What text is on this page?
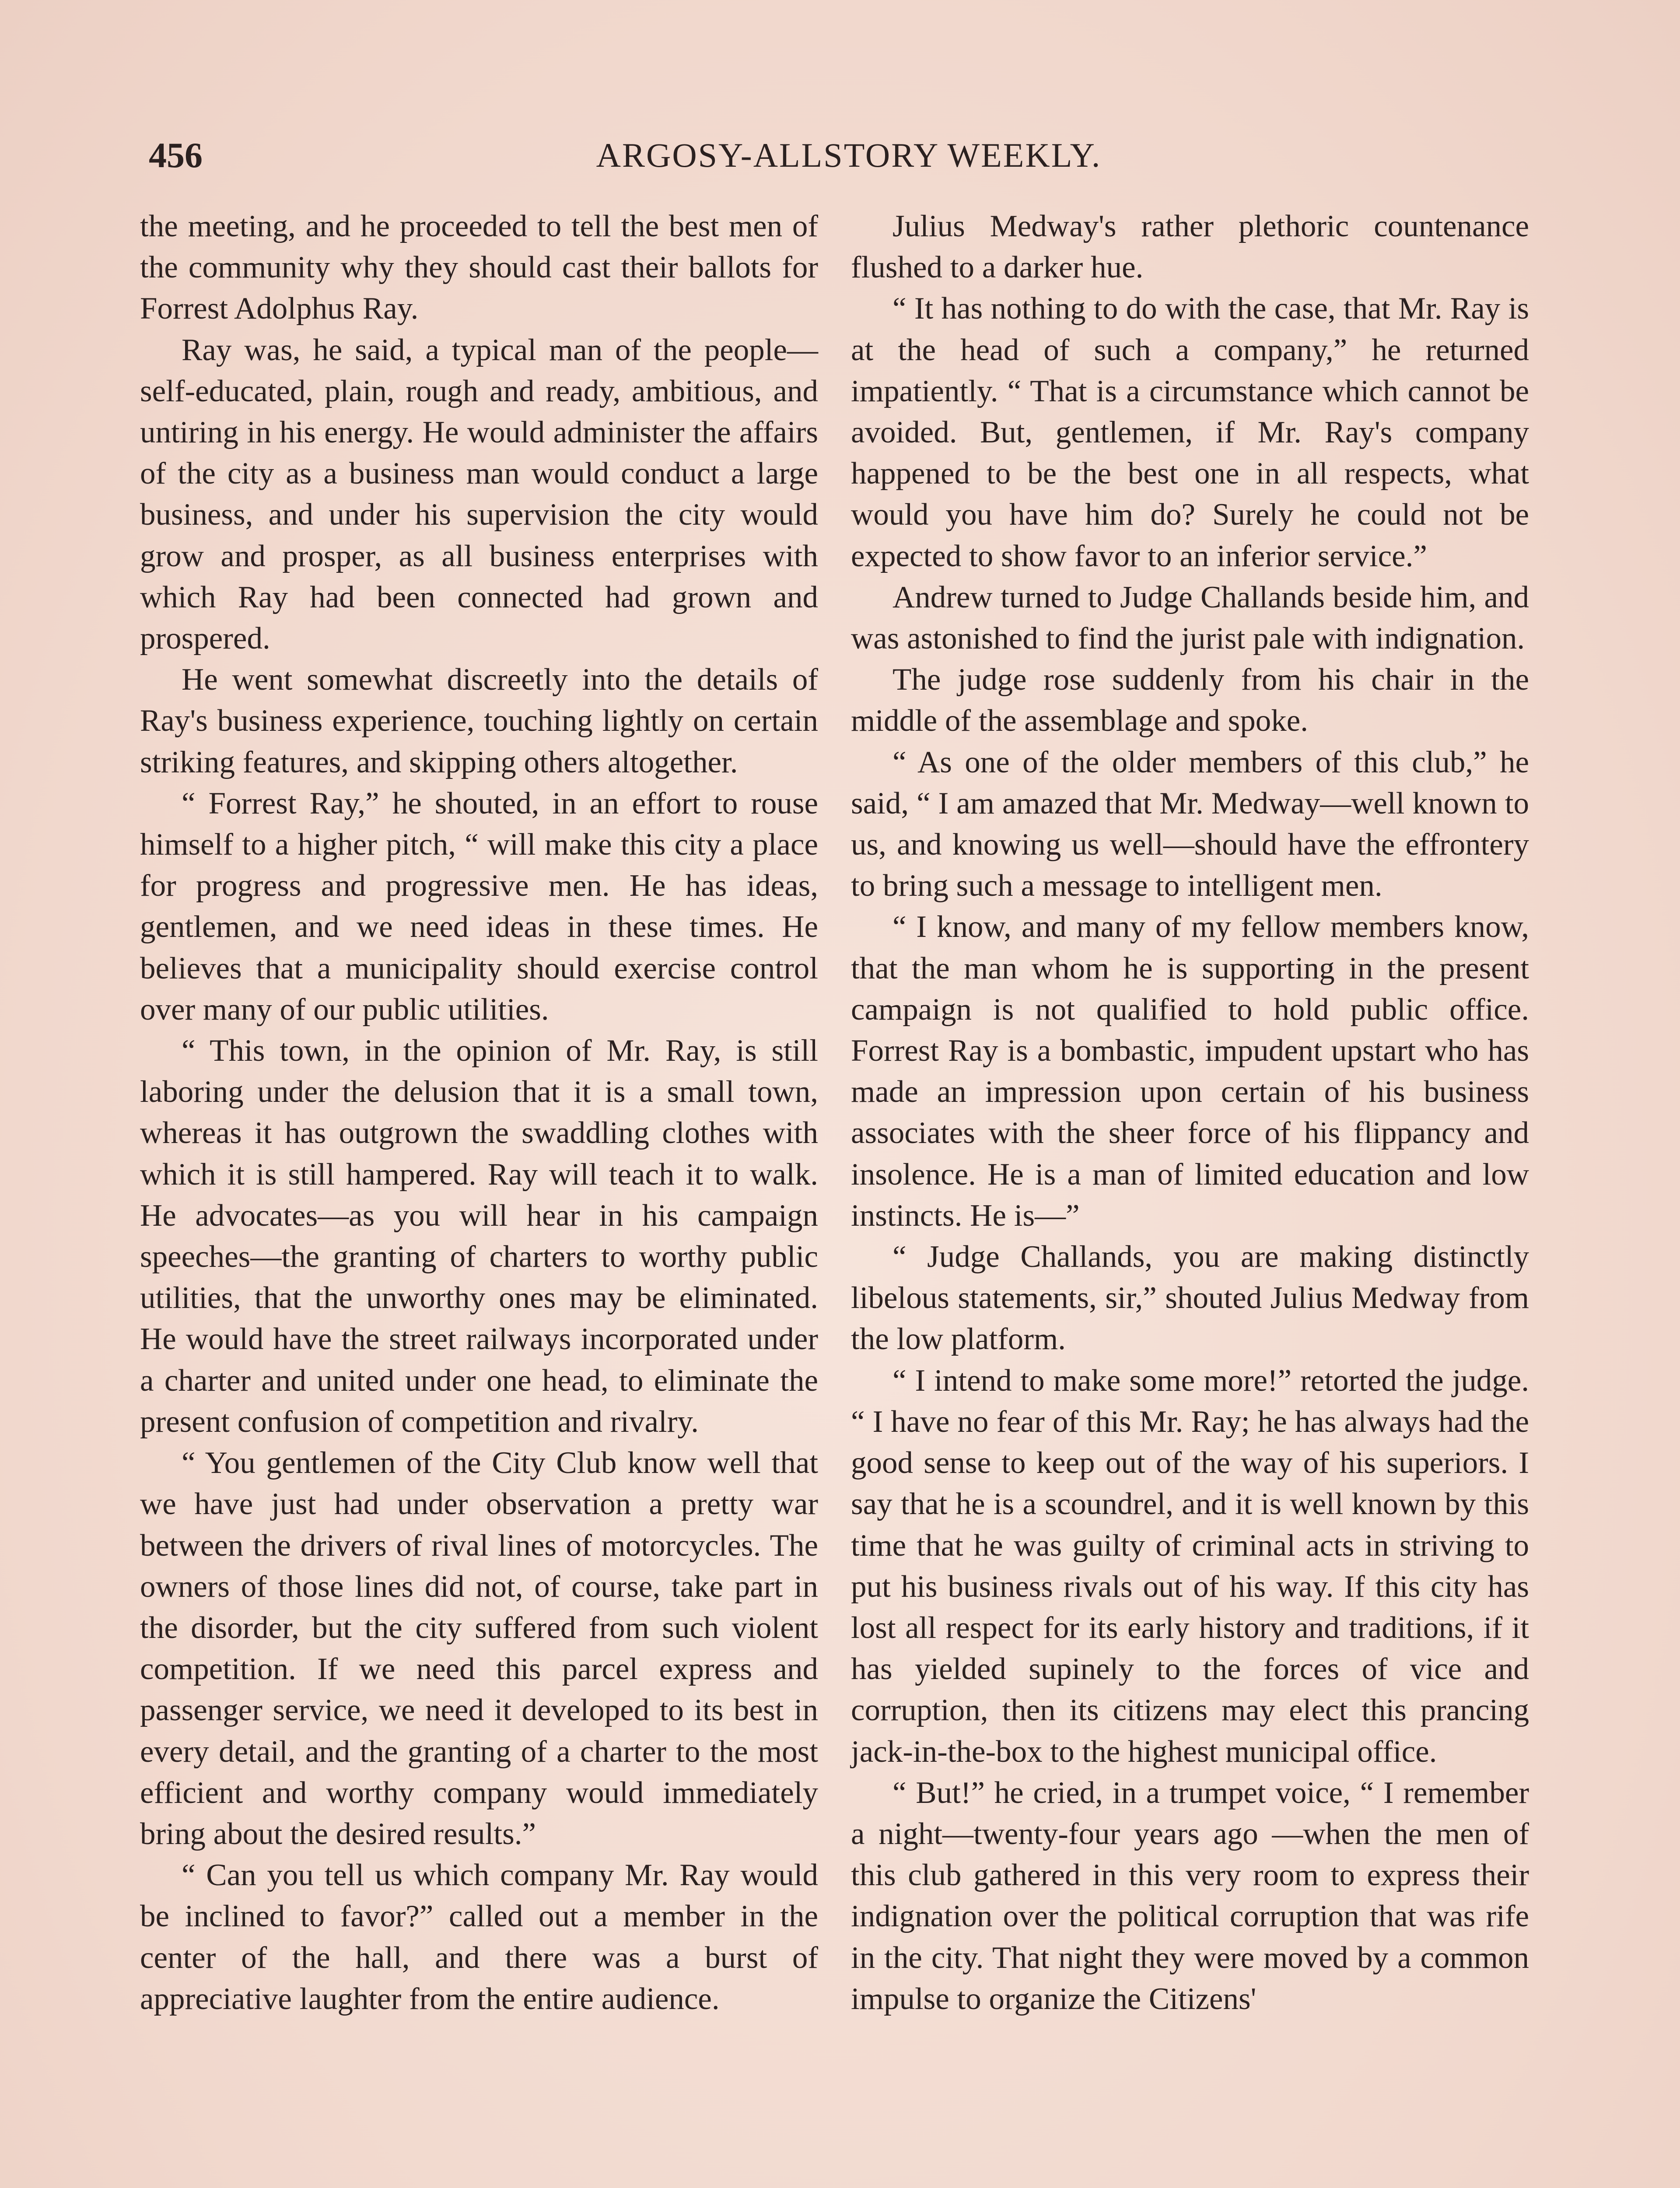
456	ARGOSY-ALLSTORY WEEKLY.

the meeting, and he proceeded to tell the best men of the community why they should cast their ballots for Forrest Adolphus Ray.

Ray was, he said, a typical man of the people—self-educated, plain, rough and ready, ambitious, and untiring in his energy. He would administer the affairs of the city as a business man would conduct a large business, and under his supervision the city would grow and prosper, as all business enterprises with which Ray had been connected had grown and prospered.

He went somewhat discreetly into the details of Ray's business experience, touching lightly on certain striking features, and skipping others altogether.

“ Forrest Ray,” he shouted, in an effort to rouse himself to a higher pitch, “ will make this city a place for progress and progressive men. He has ideas, gentlemen, and we need ideas in these times. He believes that a municipality should exercise control over many of our public utilities.

“ This town, in the opinion of Mr. Ray, is still laboring under the delusion that it is a small town, whereas it has outgrown the swaddling clothes with which it is still hampered. Ray will teach it to walk. He advocates—as you will hear in his campaign speeches—the granting of charters to worthy public utilities, that the unworthy ones may be eliminated. He would have the street railways incorporated under a charter and united under one head, to eliminate the present confusion of competition and rivalry.

“ You gentlemen of the City Club know well that we have just had under observation a pretty war between the drivers of rival lines of motorcycles. The owners of those lines did not, of course, take part in the disorder, but the city suffered from such violent competition. If we need this parcel express and passenger service, we need it developed to its best in every detail, and the granting of a charter to the most efficient and worthy company would immediately bring about the desired results.”

“ Can you tell us which company Mr. Ray would be inclined to favor?” called out a member in the center of the hall, and there was a burst of appreciative laughter from the entire audience.

Julius Medway's rather plethoric countenance flushed to a darker hue.

“ It has nothing to do with the case, that Mr. Ray is at the head of such a company,” he returned impatiently. “ That is a circumstance which cannot be avoided. But, gentlemen, if Mr. Ray's company happened to be the best one in all respects, what would you have him do? Surely he could not be expected to show favor to an inferior service.”

Andrew turned to Judge Challands beside him, and was astonished to find the jurist pale with indignation.

The judge rose suddenly from his chair in the middle of the assemblage and spoke.

“ As one of the older members of this club,” he said, “ I am amazed that Mr. Medway—well known to us, and knowing us well—should have the effrontery to bring such a message to intelligent men.

“ I know, and many of my fellow members know, that the man whom he is supporting in the present campaign is not qualified to hold public office. Forrest Ray is a bombastic, impudent upstart who has made an impression upon certain of his business associates with the sheer force of his flippancy and insolence. He is a man of limited education and low instincts. He is—”

“ Judge Challands, you are making distinctly libelous statements, sir,” shouted Julius Medway from the low platform.

“ I intend to make some more!” retorted the judge. “ I have no fear of this Mr. Ray; he has always had the good sense to keep out of the way of his superiors. I say that he is a scoundrel, and it is well known by this time that he was guilty of criminal acts in striving to put his business rivals out of his way. If this city has lost all respect for its early history and traditions, if it has yielded supinely to the forces of vice and corruption, then its citizens may elect this prancing jack-in-the-box to the highest municipal office.

“ But!” he cried, in a trumpet voice, “ I remember a night—twenty-four years ago —when the men of this club gathered in this very room to express their indignation over the political corruption that was rife in the city. That night they were moved by a common impulse to organize the Citizens'
